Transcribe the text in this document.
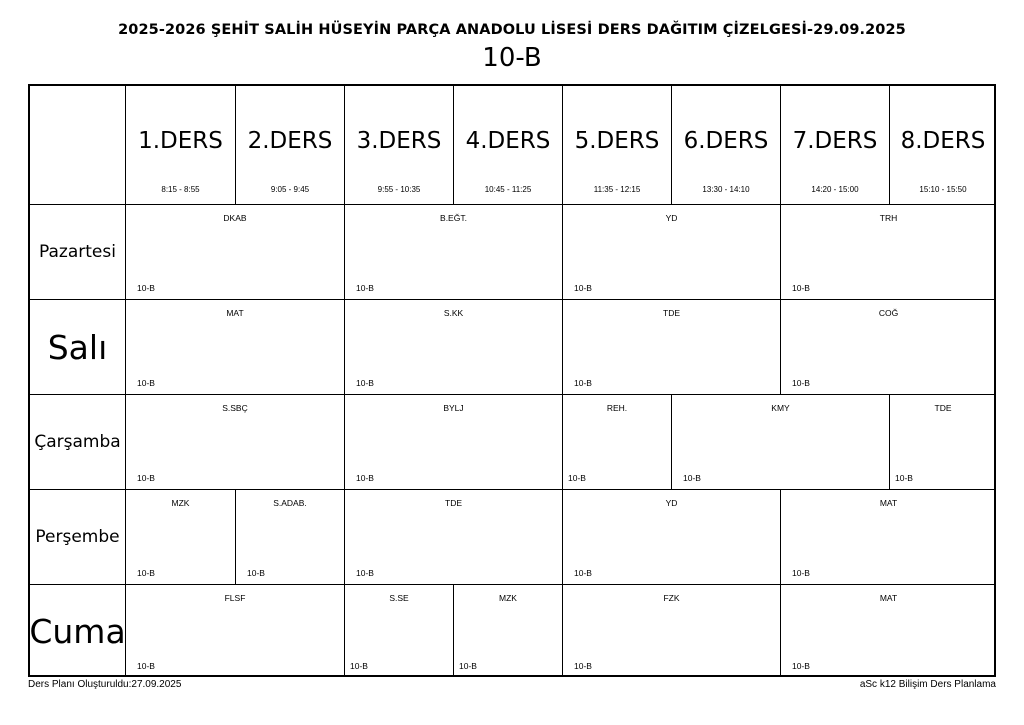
2025-2026 ŞEHİT SALİH HÜSEYİN PARÇA ANADOLU LİSESİ DERS DAĞITIM ÇİZELGESİ-29.09.2025
10-B
1.DERS
8:15 - 8:55
2.DERS
9:05 - 9:45
3.DERS
9:55 - 10:35
4.DERS
10:45 - 11:25
5.DERS
11:35 - 12:15
6.DERS
13:30 - 14:10
7.DERS
14:20 - 15:00
8.DERS
15:10 - 15:50
Pazartesi
DKAB
10-B
B.EĞT.
10-B
YD
10-B
TRH
10-B
Salı
MAT
10-B
S.KK
10-B
TDE
10-B
COĞ
10-B
Çarşamba
S.SBÇ
10-B
BYLJ
10-B
REH.
10-B
KMY
10-B
TDE
10-B
Perşembe
MZK
10-B
S.ADAB.
10-B
TDE
10-B
YD
10-B
MAT
10-B
Cuma
FLSF
10-B
S.SE
10-B
MZK
10-B
FZK
10-B
MAT
10-B
Ders Planı Oluşturuldu:27.09.2025	aSc k12 Bilişim Ders Planlama
